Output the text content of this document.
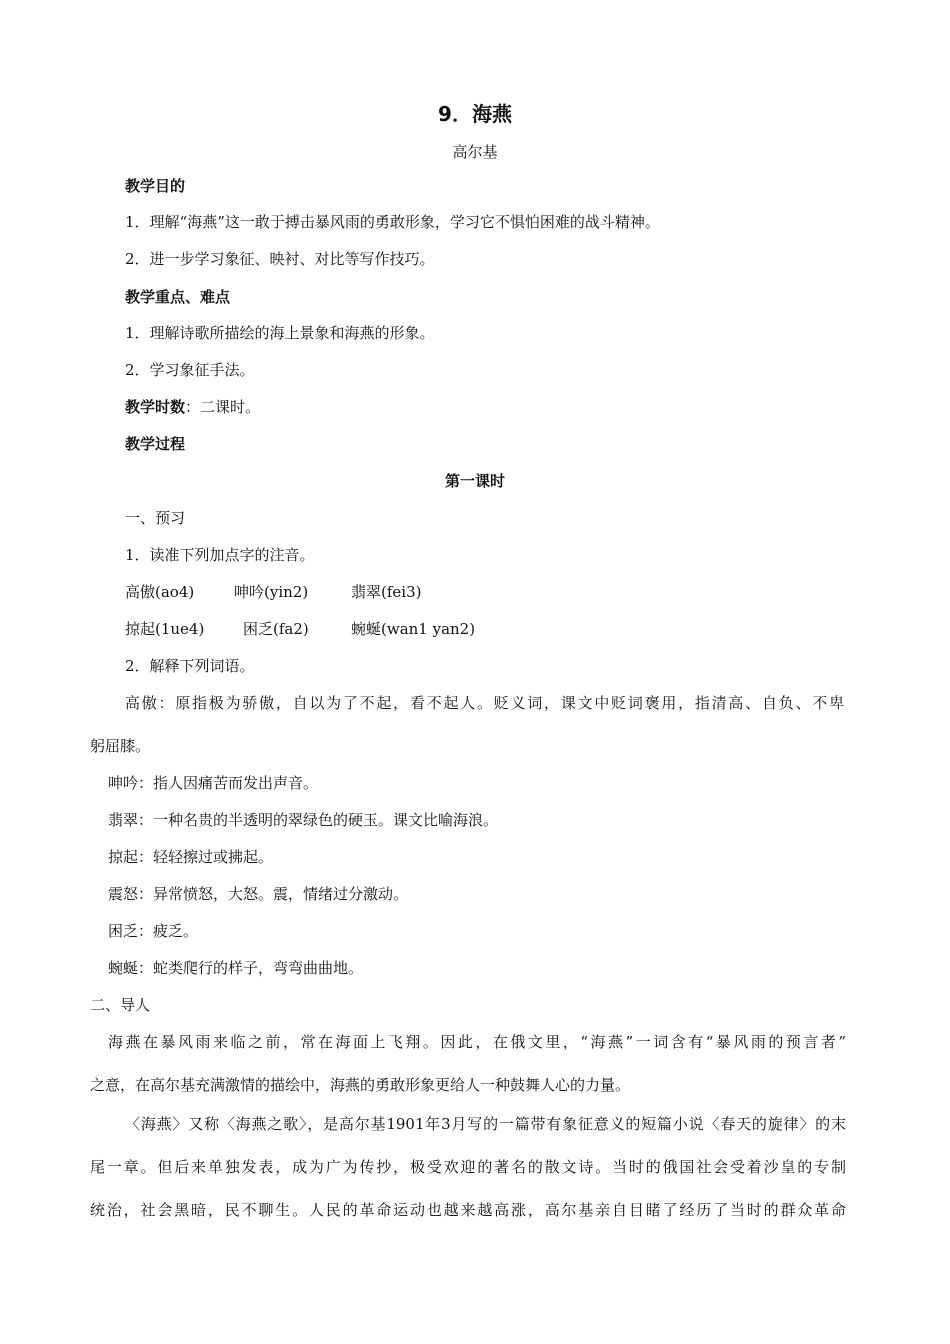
9．海燕
高尔基
教学目的
1．理解“海燕”这一敢于搏击暴风雨的勇敢形象，学习它不惧怕困难的战斗精神。
2．进一步学习象征、映衬、对比等写作技巧。
教学重点、难点
1．理解诗歌所描绘的海上景象和海燕的形象。
2．学习象征手法。
教学时数：二课时。
教学过程
第一课时
一、预习
1．读准下列加点字的注音。
高傲(ao4)	呻吟(yin2)	翡翠(fei3)
掠起(1ue4)	困乏(fa2)	蜿蜒(wan1 yan2)
2．解释下列词语。
高傲：原指极为骄傲，自以为了不起，看不起人。贬义词，课文中贬词褒用，指清高、自负、不卑
躬屈膝。
呻吟：指人因痛苦而发出声音。
翡翠：一种名贵的半透明的翠绿色的硬玉。课文比喻海浪。
掠起：轻轻擦过或拂起。
震怒：异常愤怒，大怒。震，情绪过分激动。
困乏：疲乏。
蜿蜒：蛇类爬行的样子，弯弯曲曲地。
二、导人
海燕在暴风雨来临之前，常在海面上飞翔。因此，在俄文里，“海燕”一词含有“暴风雨的预言者”
之意，在高尔基充满激情的描绘中，海燕的勇敢形象更给人一种鼓舞人心的力量。
〈海燕〉又称〈海燕之歌〉，是高尔基1901年3月写的一篇带有象征意义的短篇小说〈春天的旋律〉的末
尾一章。但后来单独发表，成为广为传抄，极受欢迎的著名的散文诗。当时的俄国社会受着沙皇的专制
统治，社会黑暗，民不聊生。人民的革命运动也越来越高涨，高尔基亲自目睹了经历了当时的群众革命
